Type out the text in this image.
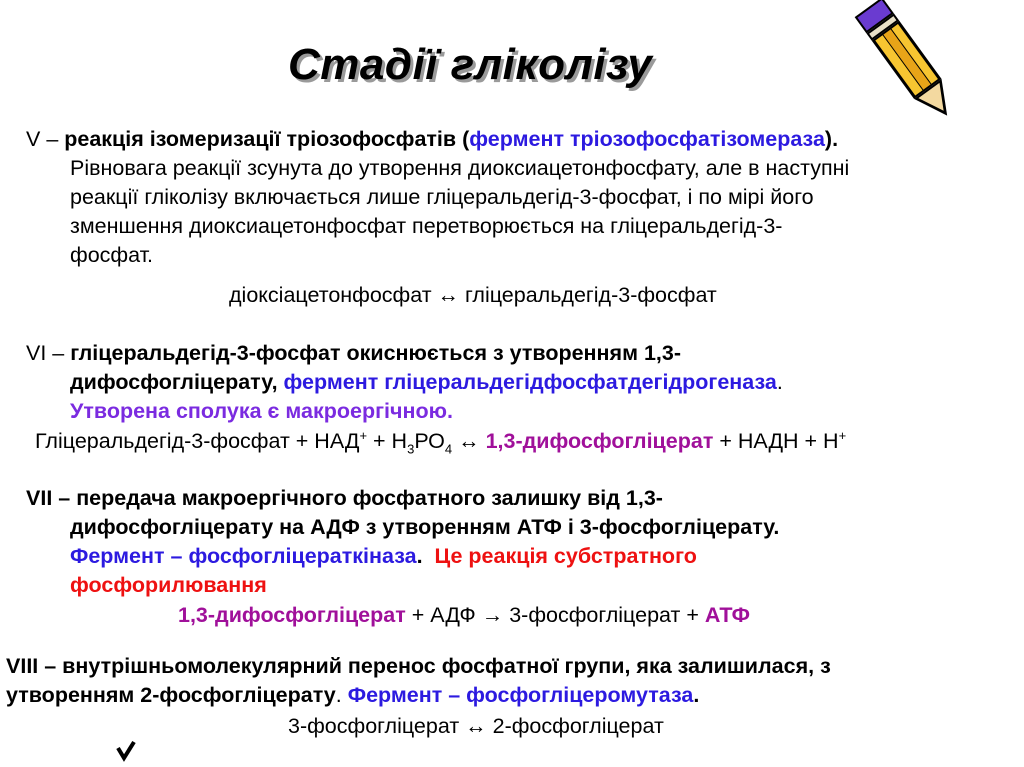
Стадії гліколізу
V – реакція ізомеризації тріозофосфатів (фермент тріозофосфатізомераза).
Рівновага реакції зсунута до утворення диоксиацетонфосфату, але в наступні
реакції гліколізу включається лише гліцеральдегід-3-фосфат, і по мірі його
зменшення диоксиацетонфосфат перетворюється на гліцеральдегід-3-
фосфат.
діоксіацетонфосфат ↔ гліцеральдегід-3-фосфат
VI – гліцеральдегід-3-фосфат окиснюється з утворенням 1,3-
дифосфогліцерату, фермент гліцеральдегідфосфатдегідрогеназа.
Утворена сполука є макроергічною.
Гліцеральдегід-3-фосфат + $НАД^+ + Н_3РО_4$ ↔ 1,3-дифосфогліцерат + НАДН + Н+
VII – передача макроергічного фосфатного залишку від 1,3-
дифосфогліцерату на АДФ з утворенням АТФ і 3-фосфогліцерату.
Фермент – фосфогліцераткіназа.  Це реакція субстратного
фосфорилювання
1,3-дифосфогліцерат + АДФ → 3-фосфогліцерат + АТФ
VIII – внутрішньомолекулярний перенос фосфатної групи, яка залишилася, з
утворенням 2-фосфогліцерату. Фермент – фосфогліцеромутаза.
3-фосфогліцерат ↔ 2-фосфогліцерат
